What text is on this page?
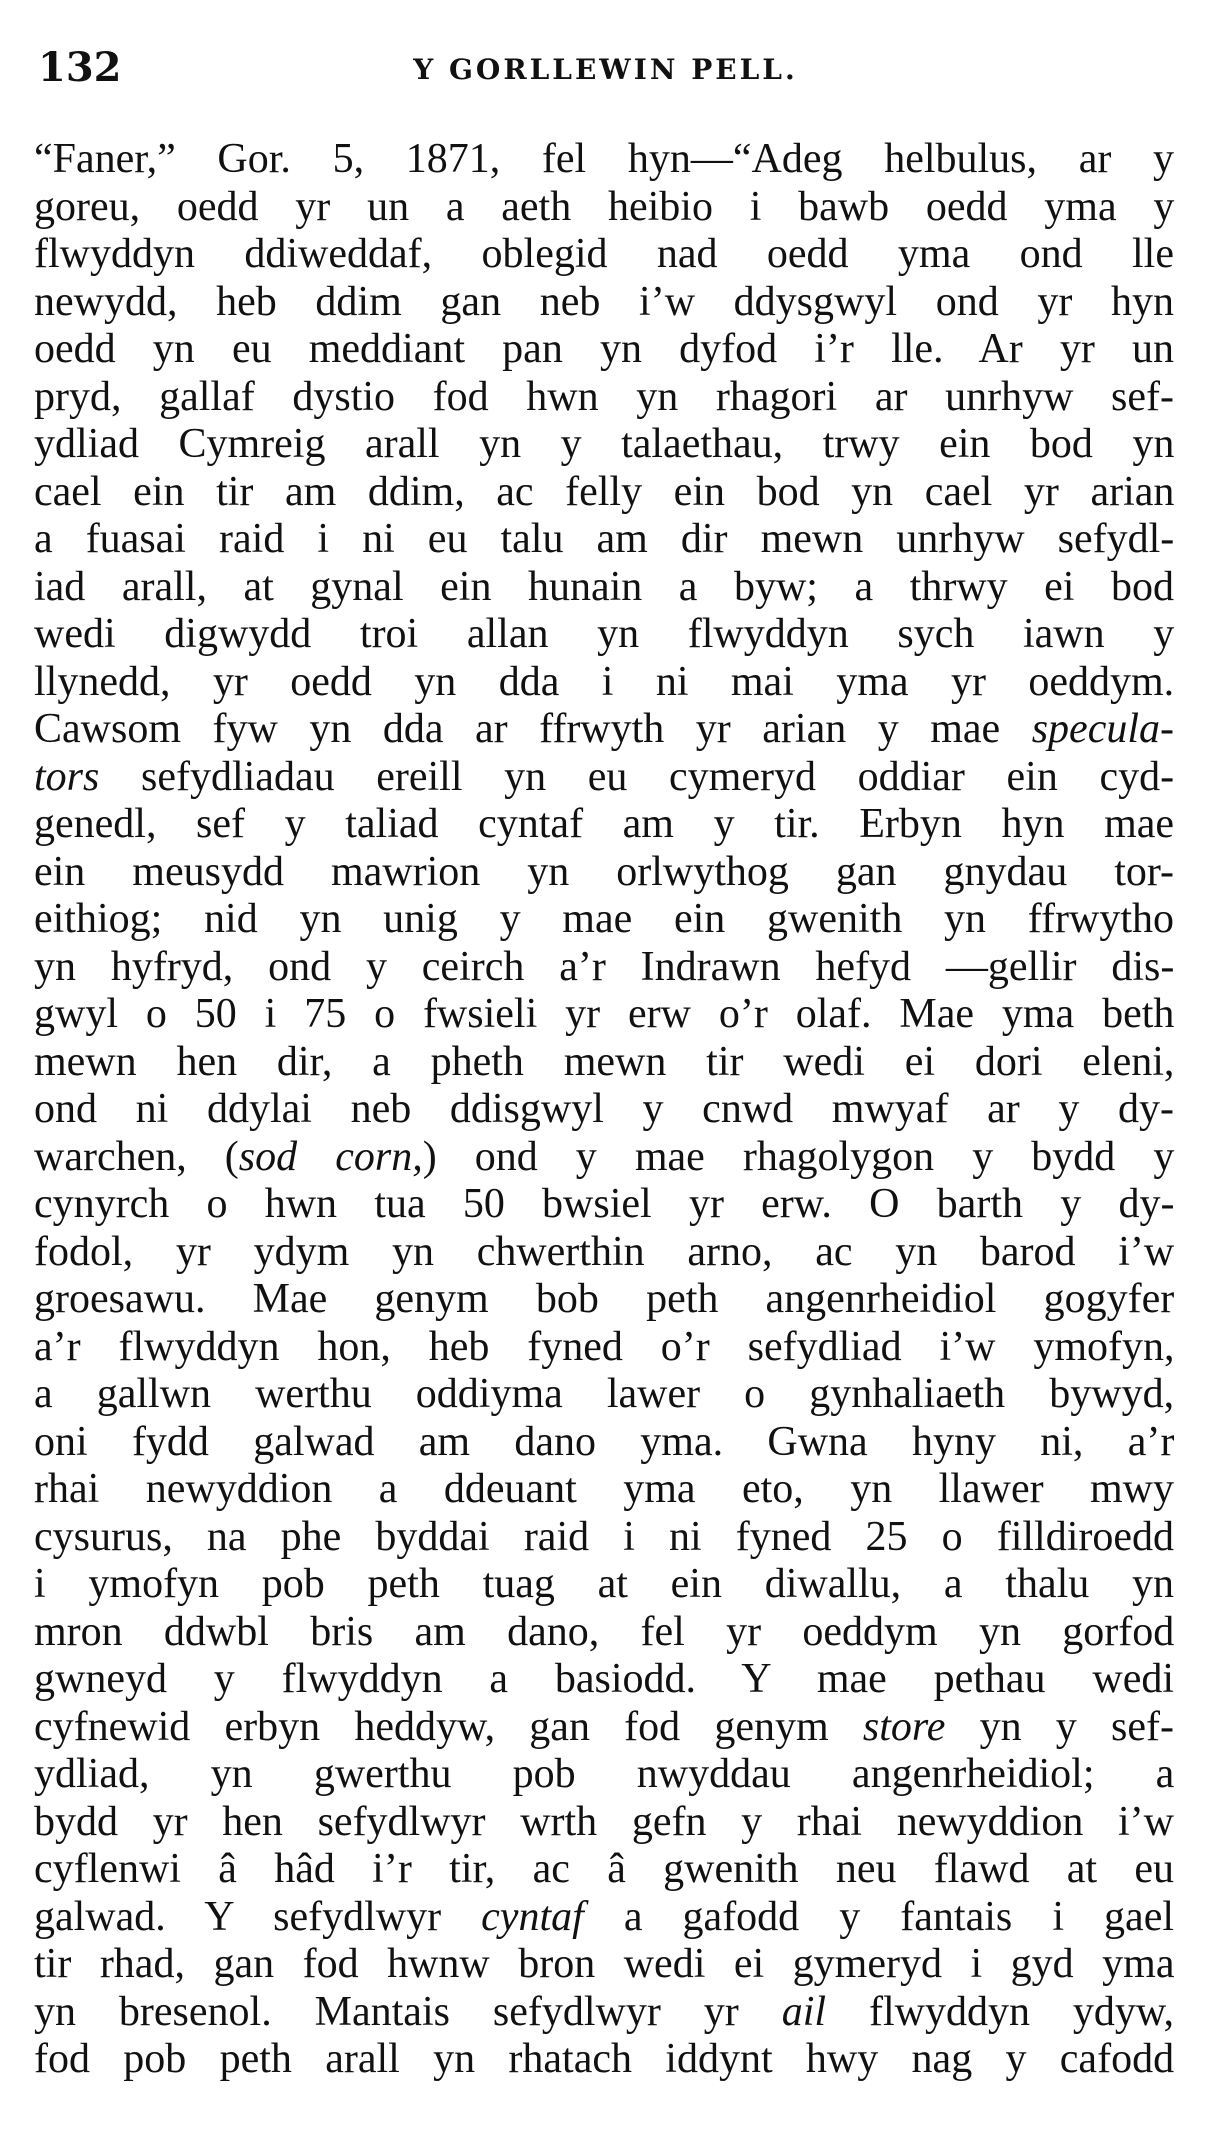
132	Y GORLLEWIN PELL.
“Faner,” Gor. 5, 1871, fel hyn—“Adeg helbulus, ar y
goreu, oedd yr un a aeth heibio i bawb oedd yma y
flwyddyn ddiweddaf, oblegid nad oedd yma ond lle
newydd, heb ddim gan neb i’w ddysgwyl ond yr hyn
oedd yn eu meddiant pan yn dyfod i’r lle. Ar yr un
pryd, gallaf dystio fod hwn yn rhagori ar unrhyw sef-
ydliad Cymreig arall yn y talaethau, trwy ein bod yn
cael ein tir am ddim, ac felly ein bod yn cael yr arian
a fuasai raid i ni eu talu am dir mewn unrhyw sefydl-
iad arall, at gynal ein hunain a byw; a thrwy ei bod
wedi digwydd troi allan yn flwyddyn sych iawn y
llynedd, yr oedd yn dda i ni mai yma yr oeddym.
Cawsom fyw yn dda ar ffrwyth yr arian y mae specula-
tors sefydliadau ereill yn eu cymeryd oddiar ein cyd-
genedl, sef y taliad cyntaf am y tir. Erbyn hyn mae
ein meusydd mawrion yn orlwythog gan gnydau tor-
eithiog; nid yn unig y mae ein gwenith yn ffrwytho
yn hyfryd, ond y ceirch a’r Indrawn hefyd —gellir dis-
gwyl o 50 i 75 o fwsieli yr erw o’r olaf. Mae yma beth
mewn hen dir, a pheth mewn tir wedi ei dori eleni,
ond ni ddylai neb ddisgwyl y cnwd mwyaf ar y dy-
warchen, (sod corn,) ond y mae rhagolygon y bydd y
cynyrch o hwn tua 50 bwsiel yr erw. O barth y dy-
fodol, yr ydym yn chwerthin arno, ac yn barod i’w
groesawu. Mae genym bob peth angenrheidiol gogyfer
a’r flwyddyn hon, heb fyned o’r sefydliad i’w ymofyn,
a gallwn werthu oddiyma lawer o gynhaliaeth bywyd,
oni fydd galwad am dano yma. Gwna hyny ni, a’r
rhai newyddion a ddeuant yma eto, yn llawer mwy
cysurus, na phe byddai raid i ni fyned 25 o filldiroedd
i ymofyn pob peth tuag at ein diwallu, a thalu yn
mron ddwbl bris am dano, fel yr oeddym yn gorfod
gwneyd y flwyddyn a basiodd. Y mae pethau wedi
cyfnewid erbyn heddyw, gan fod genym store yn y sef-
ydliad, yn gwerthu pob nwyddau angenrheidiol; a
bydd yr hen sefydlwyr wrth gefn y rhai newyddion i’w
cyflenwi â hâd i’r tir, ac â gwenith neu flawd at eu
galwad. Y sefydlwyr cyntaf a gafodd y fantais i gael
tir rhad, gan fod hwnw bron wedi ei gymeryd i gyd yma
yn bresenol. Mantais sefydlwyr yr ail flwyddyn ydyw,
fod pob peth arall yn rhatach iddynt hwy nag y cafodd
